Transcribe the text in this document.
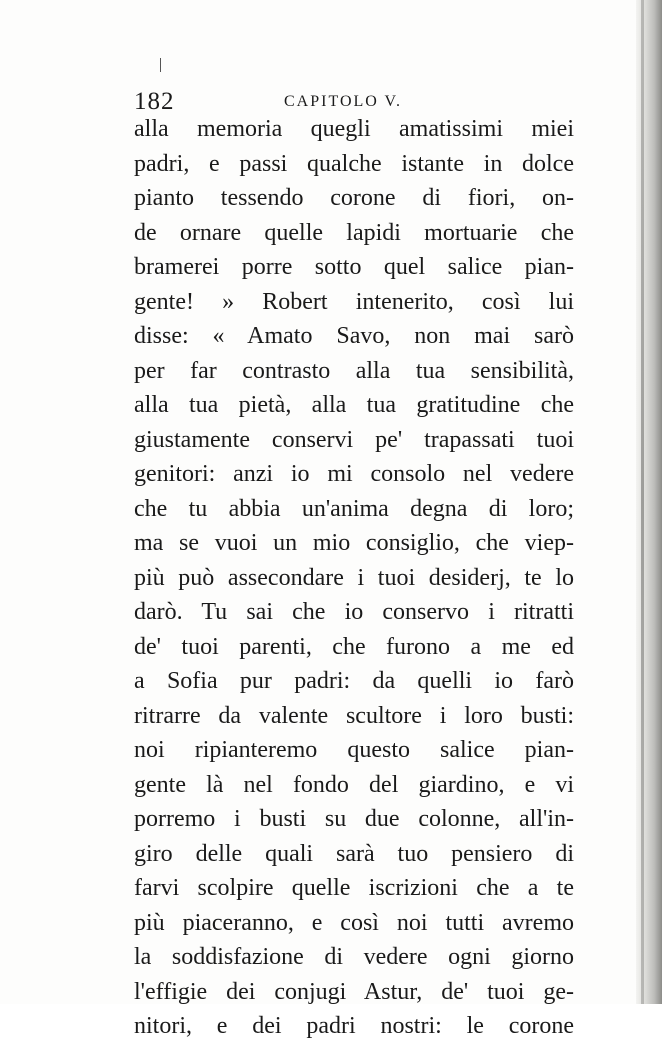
182	CAPITOLO V.
alla memoria quegli amatissimi miei
padri, e passi qualche istante in dolce
pianto tessendo corone di fiori, on-
de ornare quelle lapidi mortuarie che
bramerei porre sotto quel salice pian-
gente! » Robert intenerito, così lui
disse: « Amato Savo, non mai sarò
per far contrasto alla tua sensibilità,
alla tua pietà, alla tua gratitudine che
giustamente conservi pe' trapassati tuoi
genitori: anzi io mi consolo nel vedere
che tu abbia un'anima degna di loro;
ma se vuoi un mio consiglio, che viep-
più può assecondare i tuoi desiderj, te lo
darò. Tu sai che io conservo i ritratti
de' tuoi parenti, che furono a me ed
a Sofia pur padri: da quelli io farò
ritrarre da valente scultore i loro busti:
noi ripianteremo questo salice pian-
gente là nel fondo del giardino, e vi
porremo i busti su due colonne, all'in-
giro delle quali sarà tuo pensiero di
farvi scolpire quelle iscrizioni che a te
più piaceranno, e così noi tutti avremo
la soddisfazione di vedere ogni giorno
l'effigie dei conjugi Astur, de' tuoi ge-
nitori, e dei padri nostri: le corone
